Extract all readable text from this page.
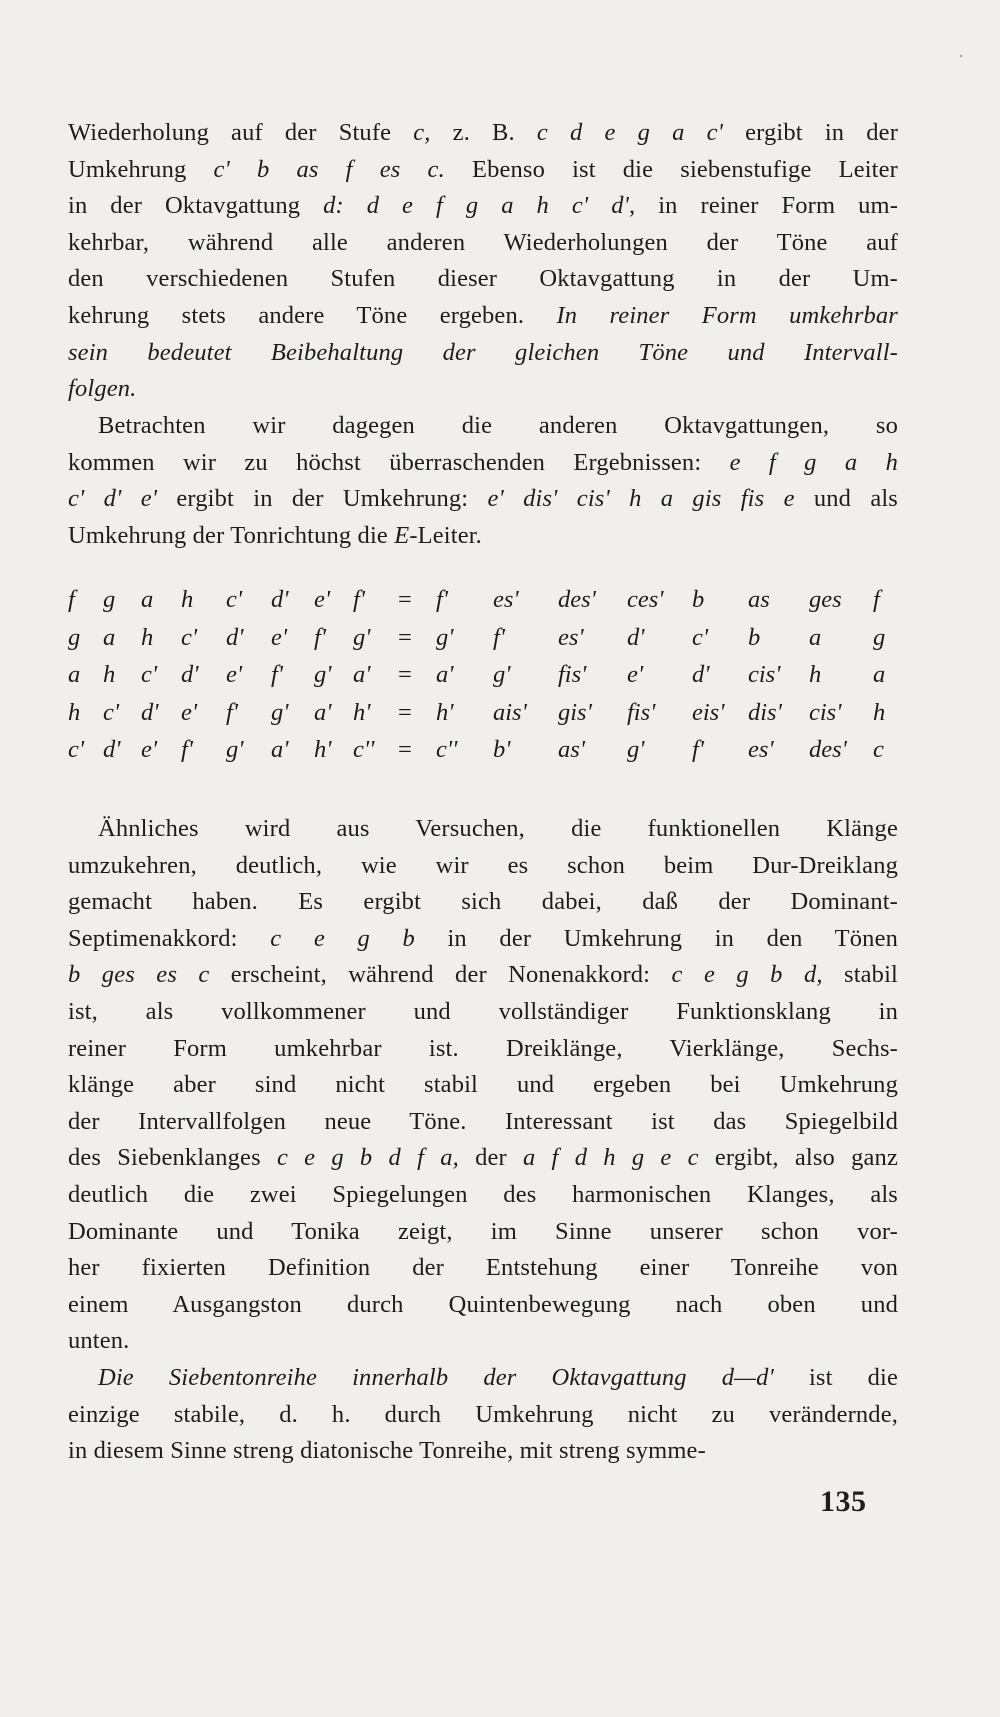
Wiederholung auf der Stufe c, z. B. c d e g a c' ergibt in der
Umkehrung c' b as f es c. Ebenso ist die siebenstufige Leiter
in der Oktavgattung d: d e f g a h c' d', in reiner Form um-
kehrbar, während alle anderen Wiederholungen der Töne auf
den verschiedenen Stufen dieser Oktavgattung in der Um-
kehrung stets andere Töne ergeben. In reiner Form umkehrbar
sein bedeutet Beibehaltung der gleichen Töne und Intervall-
folgen.
Betrachten wir dagegen die anderen Oktavgattungen, so
kommen wir zu höchst überraschenden Ergebnissen: e f g a h
c' d' e' ergibt in der Umkehrung: e' dis' cis' h a gis fis e und als
Umkehrung der Tonrichtung die E-Leiter.
f g a h c' d' e' f' = f' es' des' ces' b as ges f
g a h c' d' e' f' g' = g' f' es' d' c' b a g
a h c' d' e' f' g' a' = a' g' fis' e' d' cis' h a
h c' d' e' f' g' a' h' = h' ais' gis' fis' eis' dis' cis' h
c' d' e' f' g' a' h' c'' = c'' b' as' g' f' es' des' c
Ähnliches wird aus Versuchen, die funktionellen Klänge
umzukehren, deutlich, wie wir es schon beim Dur-Dreiklang
gemacht haben. Es ergibt sich dabei, daß der Dominant-
Septimenakkord: c e g b in der Umkehrung in den Tönen
b ges es c erscheint, während der Nonenakkord: c e g b d, stabil
ist, als vollkommener und vollständiger Funktionsklang in
reiner Form umkehrbar ist. Dreiklänge, Vierklänge, Sechs-
klänge aber sind nicht stabil und ergeben bei Umkehrung
der Intervallfolgen neue Töne. Interessant ist das Spiegelbild
des Siebenklanges c e g b d f a, der a f d h g e c ergibt, also ganz
deutlich die zwei Spiegelungen des harmonischen Klanges, als
Dominante und Tonika zeigt, im Sinne unserer schon vor-
her fixierten Definition der Entstehung einer Tonreihe von
einem Ausgangston durch Quintenbewegung nach oben und
unten.
Die Siebentonreihe innerhalb der Oktavgattung d—d' ist die
einzige stabile, d. h. durch Umkehrung nicht zu verändernde,
in diesem Sinne streng diatonische Tonreihe, mit streng symme-
135
